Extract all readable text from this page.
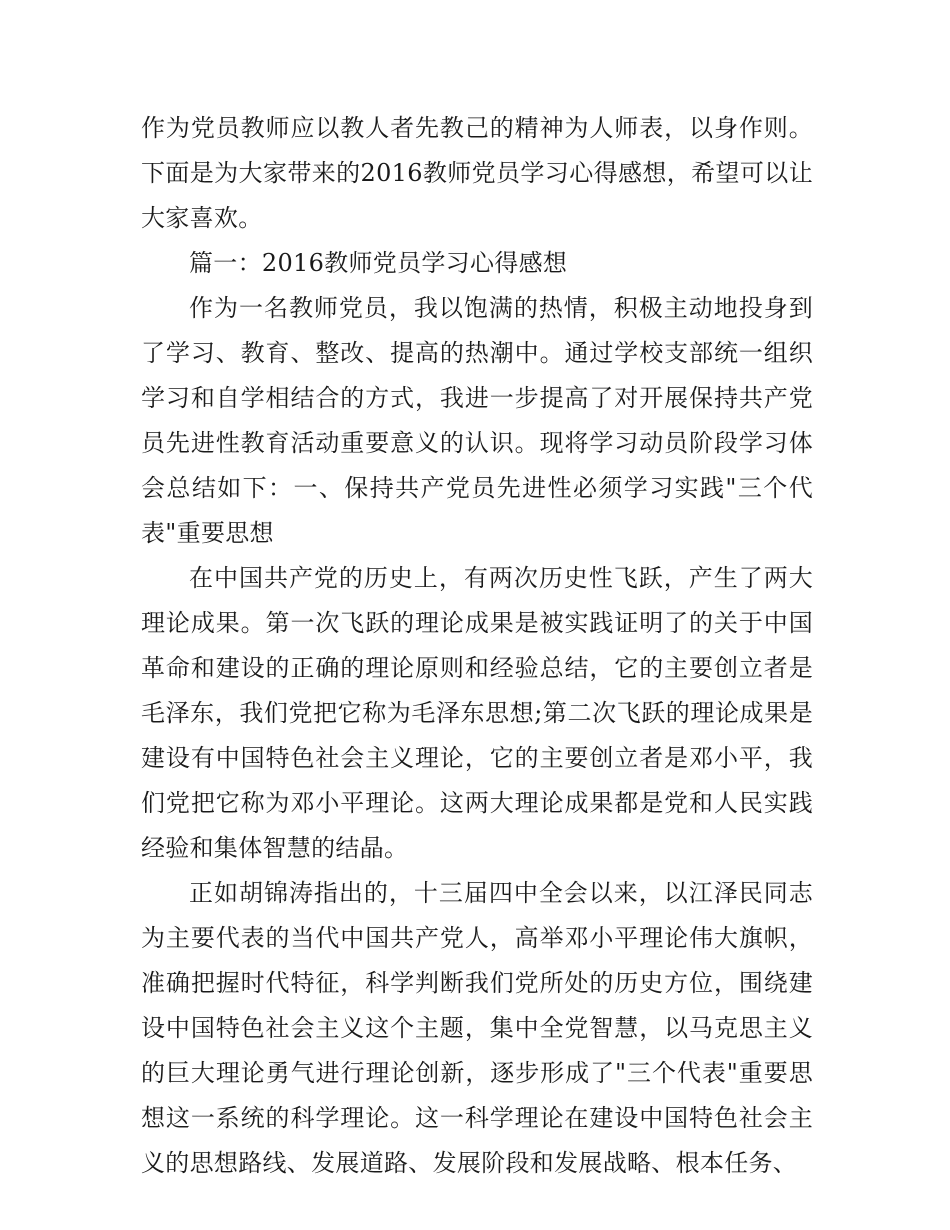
作为党员教师应以教人者先教己的精神为人师表，以身作则。下面是为大家带来的2016教师党员学习心得感想，希望可以让大家喜欢。

篇一：2016教师党员学习心得感想

作为一名教师党员，我以饱满的热情，积极主动地投身到了学习、教育、整改、提高的热潮中。通过学校支部统一组织学习和自学相结合的方式，我进一步提高了对开展保持共产党员先进性教育活动重要意义的认识。现将学习动员阶段学习体会总结如下：一、保持共产党员先进性必须学习实践"三个代表"重要思想

在中国共产党的历史上，有两次历史性飞跃，产生了两大理论成果。第一次飞跃的理论成果是被实践证明了的关于中国革命和建设的正确的理论原则和经验总结，它的主要创立者是毛泽东，我们党把它称为毛泽东思想;第二次飞跃的理论成果是建设有中国特色社会主义理论，它的主要创立者是邓小平，我们党把它称为邓小平理论。这两大理论成果都是党和人民实践经验和集体智慧的结晶。

正如胡锦涛指出的，十三届四中全会以来，以江泽民同志为主要代表的当代中国共产党人，高举邓小平理论伟大旗帜，准确把握时代特征，科学判断我们党所处的历史方位，围绕建设中国特色社会主义这个主题，集中全党智慧，以马克思主义的巨大理论勇气进行理论创新，逐步形成了"三个代表"重要思想这一系统的科学理论。这一科学理论在建设中国特色社会主义的思想路线、发展道路、发展阶段和发展战略、根本任务、
